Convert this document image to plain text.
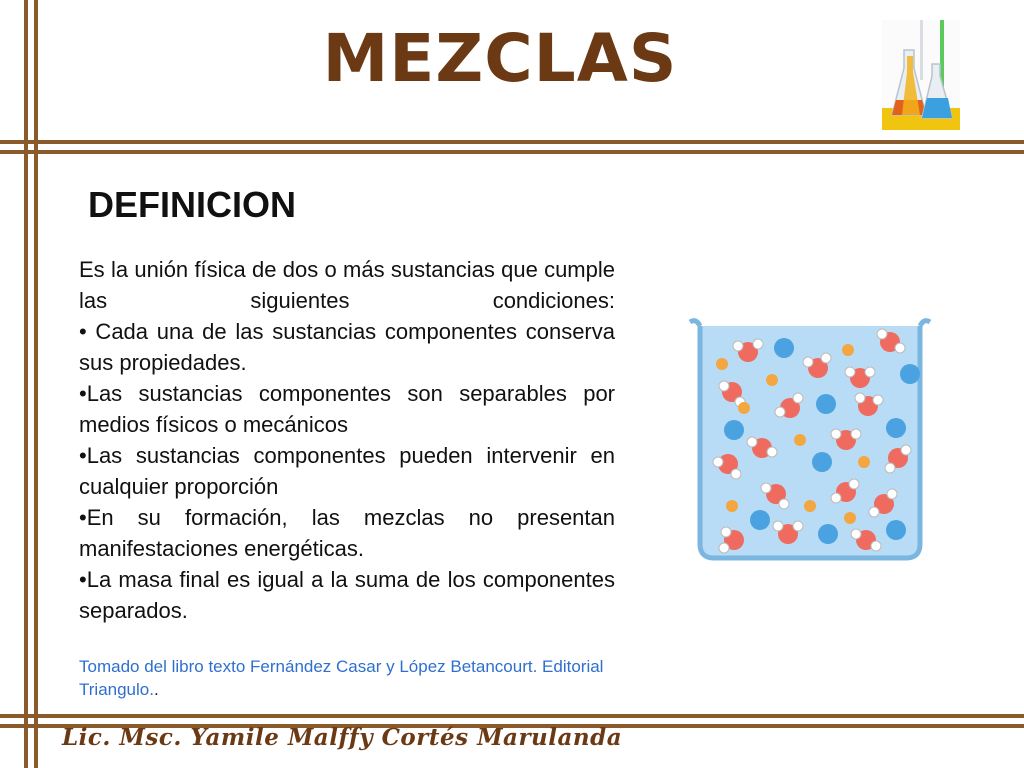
MEZCLAS
DEFINICION

Es la unión física de dos o más sustancias que cumple las siguientes condiciones:

• Cada una de las sustancias componentes conserva sus propiedades.

•Las sustancias componentes son separables por medios físicos o mecánicos

•Las sustancias componentes pueden intervenir en cualquier proporción

•En su formación, las mezclas no presentan manifestaciones energéticas.

•La masa final es igual a la suma de los componentes separados.

Tomado del libro texto Fernández Casar y López Betancourt. Editorial Triangulo..
Lic. Msc. Yamile Malffy Cortés Marulanda
